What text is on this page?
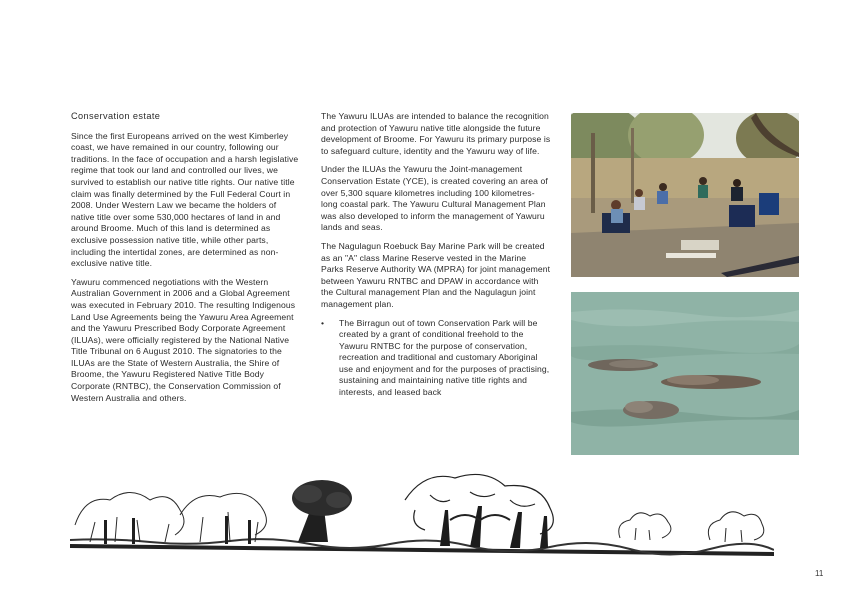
Conservation estate

Since the first Europeans arrived on the west Kimberley coast, we have remained in our country, following our traditions. In the face of occupation and a harsh legislative regime that took our land and controlled our lives, we survived to establish our native title rights. Our native title claim was finally determined by the Full Federal Court in 2008. Under Western Law we became the holders of native title over some 530,000 hectares of land in and around Broome. Much of this land is determined as exclusive possession native title, while other parts, including the intertidal zones, are determined as non-exclusive native title.

Yawuru commenced negotiations with the Western Australian Government in 2006 and a Global Agreement was executed in February 2010. The resulting Indigenous Land Use Agreements being the Yawuru Area Agreement and the Yawuru Prescribed Body Corporate Agreement (ILUAs), were officially registered by the National Native Title Tribunal on 6 August 2010. The signatories to the ILUAs are the State of Western Australia, the Shire of Broome, the Yawuru Registered Native Title Body Corporate (RNTBC), the Conservation Commission of Western Australia and others.

The Yawuru ILUAs are intended to balance the recognition and protection of Yawuru native title alongside the future development of Broome. For Yawuru its primary purpose is to safeguard culture, identity and the Yawuru way of life.

Under the ILUAs the Yawuru the Joint-management Conservation Estate (YCE), is created covering an area of over 5,300 square kilometres including 100 kilometres-long coastal park. The Yawuru Cultural Management Plan was also developed to inform the management of Yawuru lands and seas.

The Nagulagun Roebuck Bay Marine Park will be created as an "A" class Marine Reserve vested in the Marine Parks Reserve Authority WA (MPRA) for joint management between Yawuru RNTBC and DPAW in accordance with the Cultural management Plan and the Nagulagun joint management plan.

•	The Birragun out of town Conservation Park will be created by a grant of conditional freehold to the Yawuru RNTBC for the purpose of conservation, recreation and traditional and customary Aboriginal use and enjoyment and for the purposes of practising, sustaining and maintaining native title rights and interests, and leased back
11
